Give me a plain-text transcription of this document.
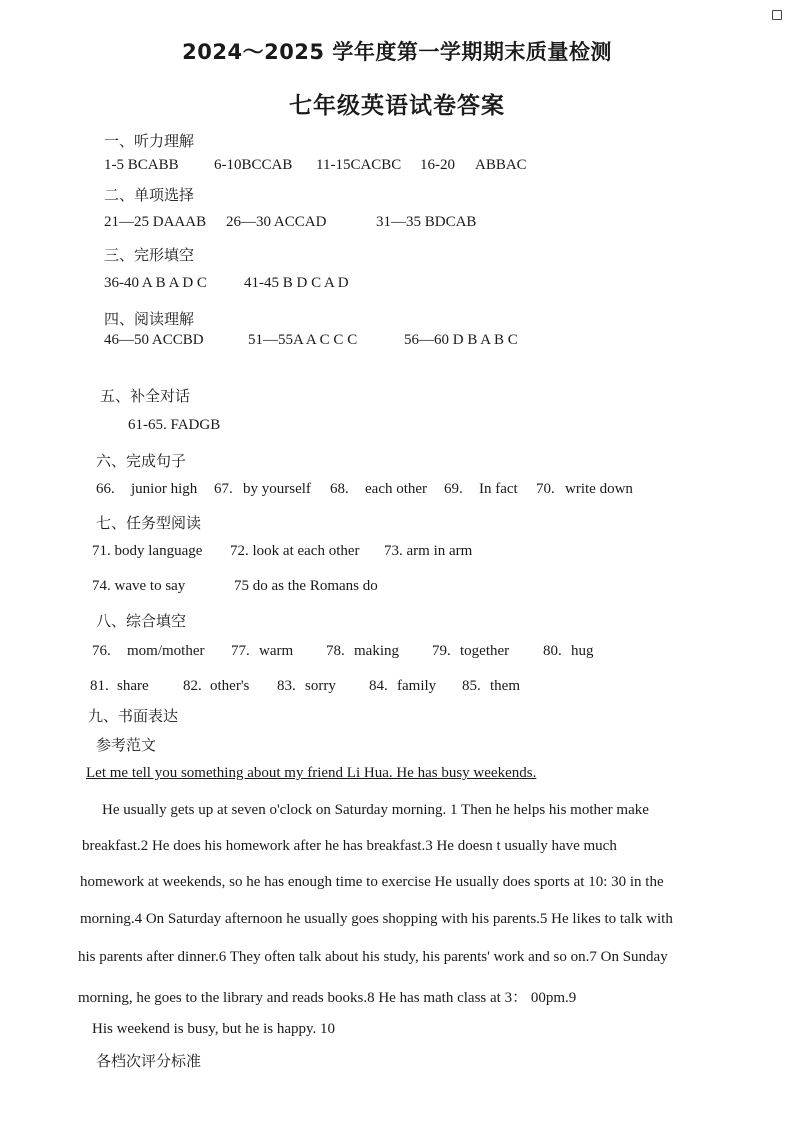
2024～2025 学年度第一学期期末质量检测
七年级英语试卷答案
一、听力理解
1-5 BCABB 6-10BCCAB 11-15CACBC 16-20 ABBAC
二、单项选择
21—25 DAAAB 26—30 ACCAD	31—35 BDCAB
三、完形填空
36-40 A B A D C 41-45 B D C A D
四、阅读理解
46—50 ACCBD	51—55A A C C C	56—60 D B A B C
五、补全对话
61-65. FADGB
六、完成句子
66. junior high 67. by yourself 68. each other 69. In fact 70. write down
七、任务型阅读
71. body language 72. look at each other 73. arm in arm
74. wave to say	75 do as the Romans do
八、综合填空
76. mom/mother 77. warm 78. making 79. together 80. hug
81. share 82. other's 83. sorry 84. family 85. them
九、书面表达
参考范文
Let me tell you something about my friend Li Hua. He has busy weekends.
He usually gets up at seven o'clock on Saturday morning. 1 Then he helps his mother make
breakfast.2 He does his homework after he has breakfast.3 He doesn t usually have much
homework at weekends, so he has enough time to exercise He usually does sports at 10: 30 in the
morning.4 On Saturday afternoon he usually goes shopping with his parents.5 He likes to talk with
his parents after dinner.6 They often talk about his study, his parents' work and so on.7 On Sunday
morning, he goes to the library and reads books.8 He has math class at 3： 00pm.9
His weekend is busy, but he is happy. 10
各档次评分标准
